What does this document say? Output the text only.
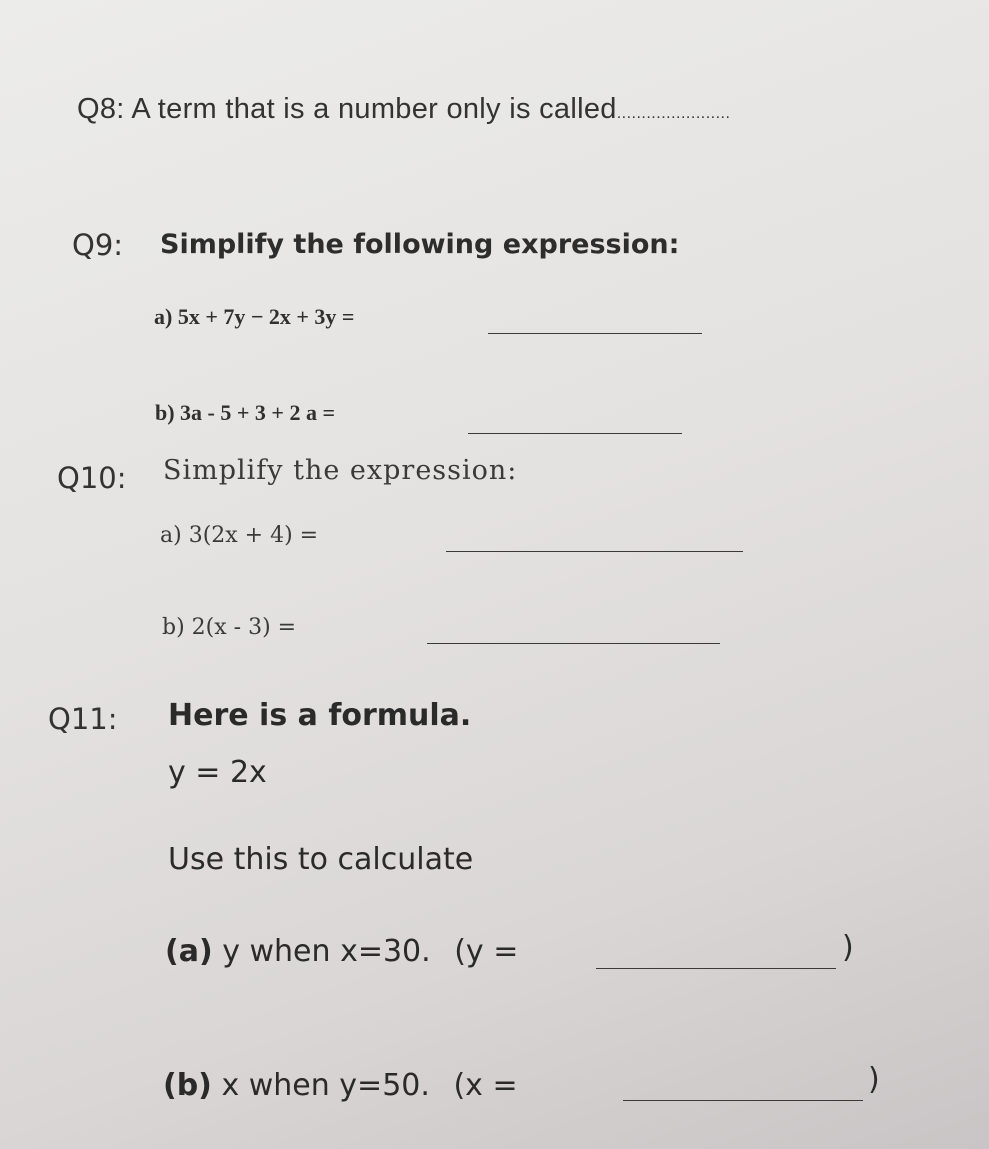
Q8: A term that is a number only is called.......................
Q9: Simplify the following expression:
a) 5x + 7y − 2x + 3y =
b) 3a - 5 + 3 + 2 a =
Q10: Simplify the expression:
a) 3(2x + 4) =
b) 2(x - 3) =
Q11: Here is a formula.
y = 2x
Use this to calculate
(a) y when x=30. (y =	)
(b) x when y=50. (x =	)
